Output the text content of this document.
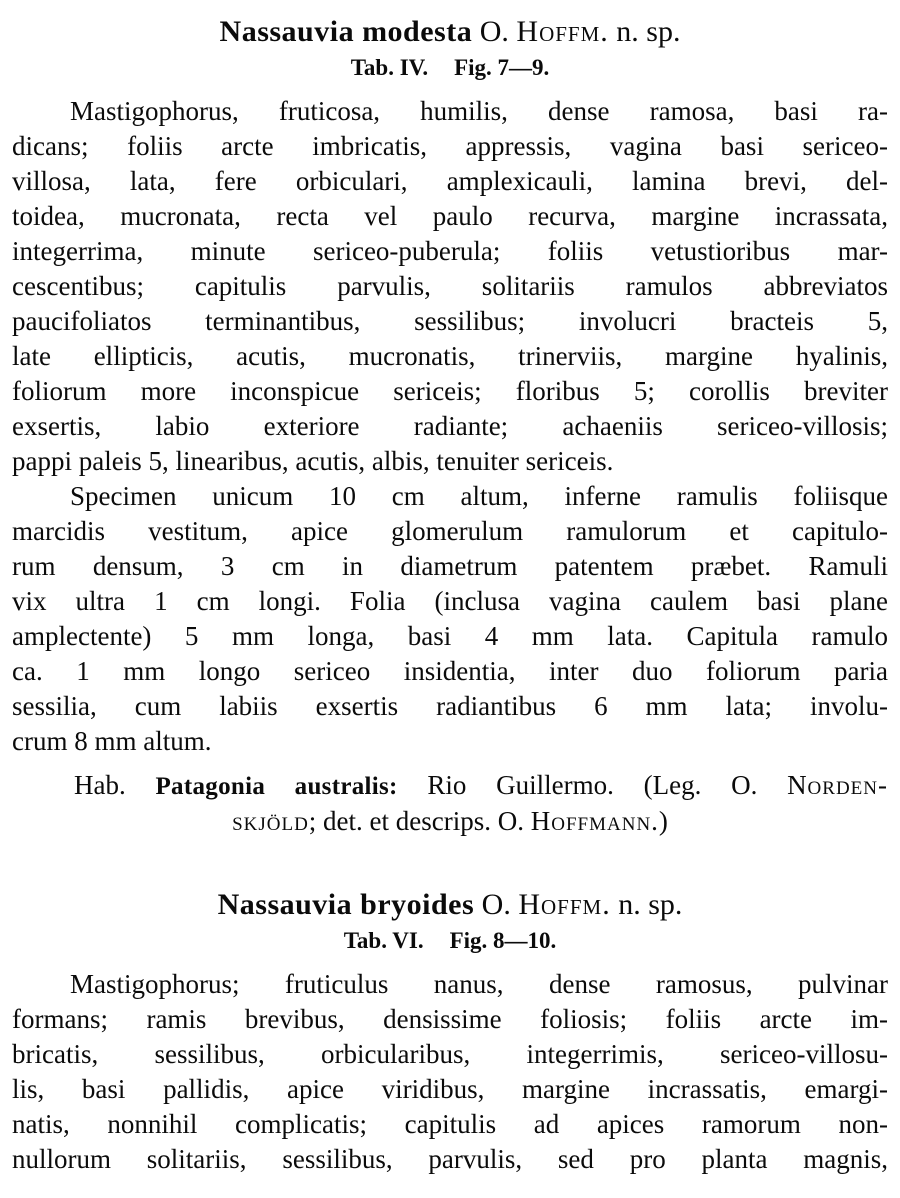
Nassauvia modesta O. Hoffm. n. sp.
Tab. IV. Fig. 7—9.
Mastigophorus, fruticosa, humilis, dense ramosa, basi ra-
dicans; foliis arcte imbricatis, appressis, vagina basi sericeo-
villosa, lata, fere orbiculari, amplexicauli, lamina brevi, del-
toidea, mucronata, recta vel paulo recurva, margine incrassata,
integerrima, minute sericeo-puberula; foliis vetustioribus mar-
cescentibus; capitulis parvulis, solitariis ramulos abbreviatos
paucifoliatos terminantibus, sessilibus; involucri bracteis 5,
late ellipticis, acutis, mucronatis, trinerviis, margine hyalinis,
foliorum more inconspicue sericeis; floribus 5; corollis breviter
exsertis, labio exteriore radiante; achaeniis sericeo-villosis;
pappi paleis 5, linearibus, acutis, albis, tenuiter sericeis.
Specimen unicum 10 cm altum, inferne ramulis foliisque
marcidis vestitum, apice glomerulum ramulorum et capitulo-
rum densum, 3 cm in diametrum patentem præbet. Ramuli
vix ultra 1 cm longi. Folia (inclusa vagina caulem basi plane
amplectente) 5 mm longa, basi 4 mm lata. Capitula ramulo
ca. 1 mm longo sericeo insidentia, inter duo foliorum paria
sessilia, cum labiis exsertis radiantibus 6 mm lata; involu-
crum 8 mm altum.
Hab. Patagonia australis: Rio Guillermo. (Leg. O. Norden-
skjöld; det. et descrips. O. Hoffmann.)
Nassauvia bryoides O. Hoffm. n. sp.
Tab. VI. Fig. 8—10.
Mastigophorus; fruticulus nanus, dense ramosus, pulvinar
formans; ramis brevibus, densissime foliosis; foliis arcte im-
bricatis, sessilibus, orbicularibus, integerrimis, sericeo-villosu-
lis, basi pallidis, apice viridibus, margine incrassatis, emargi-
natis, nonnihil complicatis; capitulis ad apices ramorum non-
nullorum solitariis, sessilibus, parvulis, sed pro planta magnis,
